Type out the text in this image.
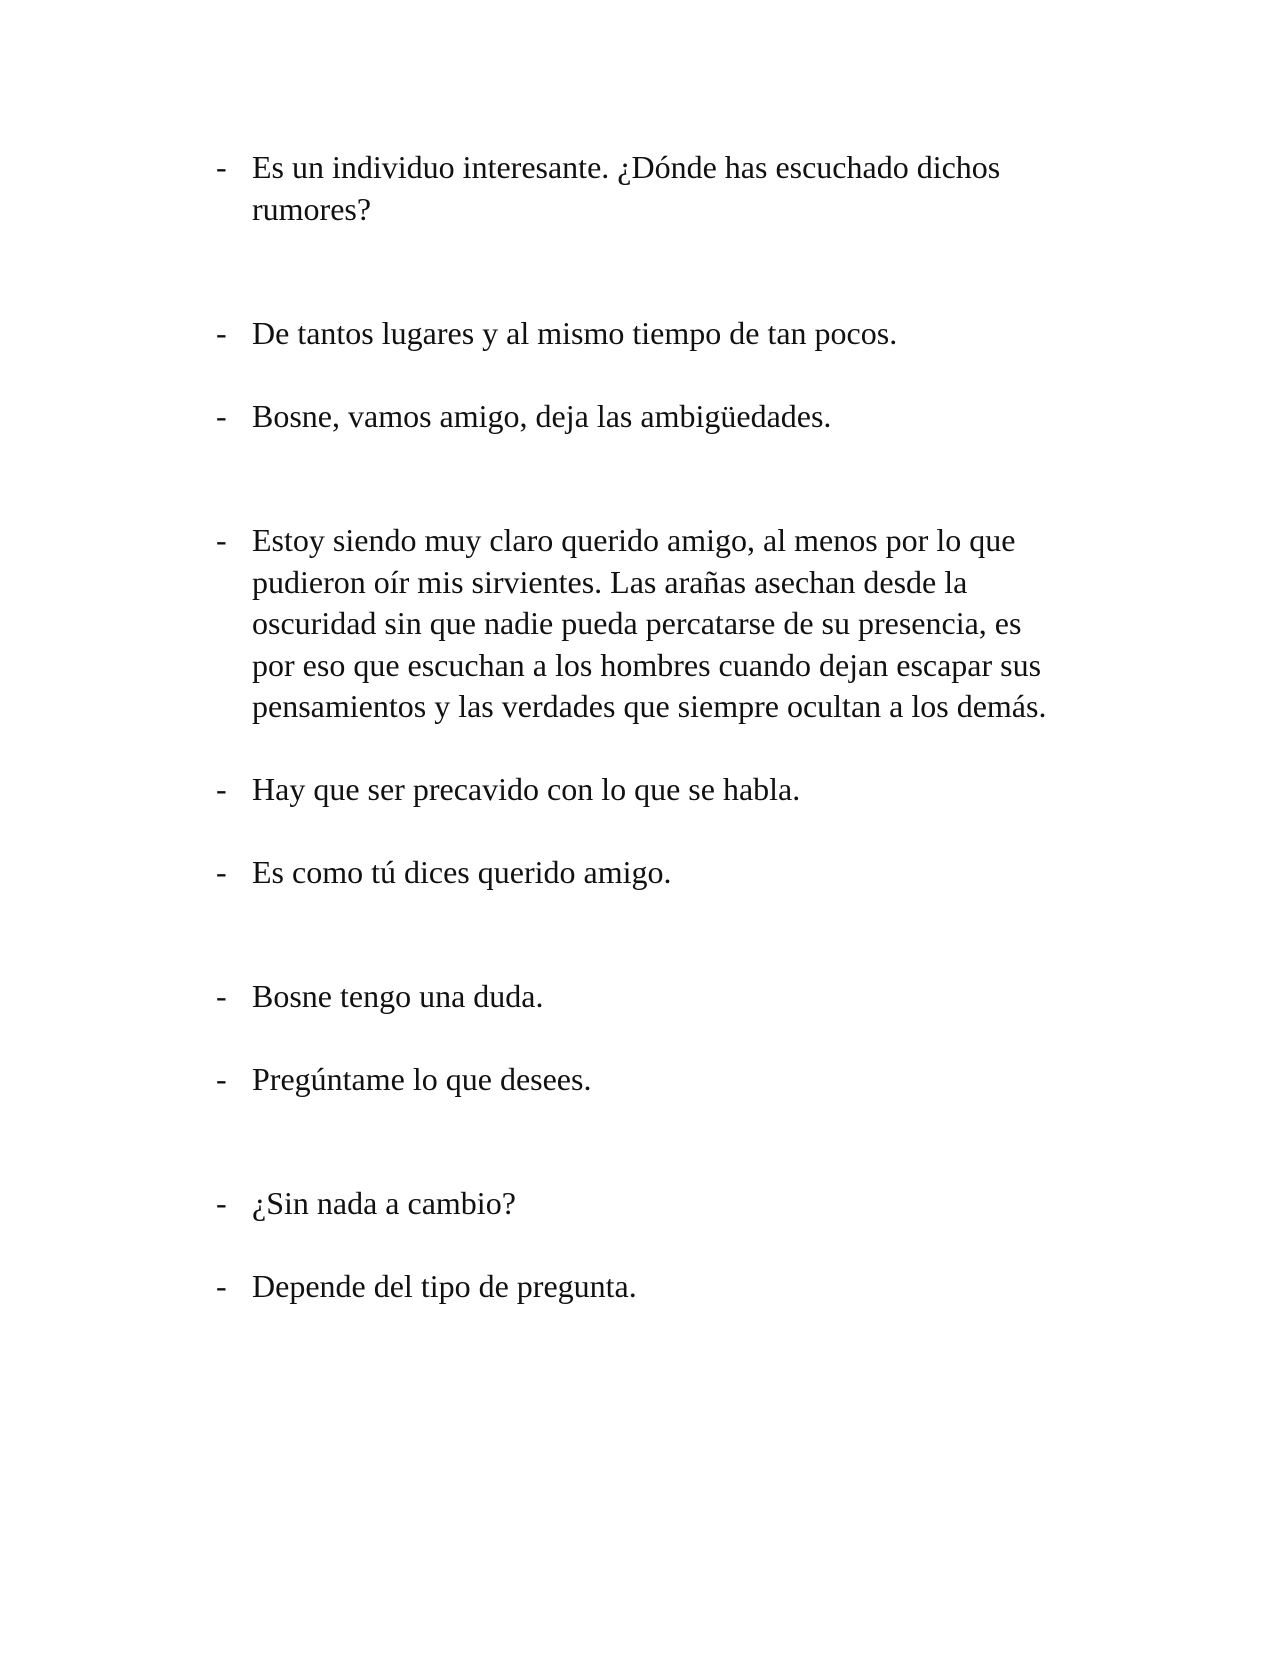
- Es un individuo interesante. ¿Dónde has escuchado dichos
rumores?
- De tantos lugares y al mismo tiempo de tan pocos.
- Bosne, vamos amigo, deja las ambigüedades.
- Estoy siendo muy claro querido amigo, al menos por lo que
pudieron oír mis sirvientes. Las arañas asechan desde la
oscuridad sin que nadie pueda percatarse de su presencia, es
por eso que escuchan a los hombres cuando dejan escapar sus
pensamientos y las verdades que siempre ocultan a los demás.
- Hay que ser precavido con lo que se habla.
- Es como tú dices querido amigo.
- Bosne tengo una duda.
- Pregúntame lo que desees.
- ¿Sin nada a cambio?
- Depende del tipo de pregunta.
